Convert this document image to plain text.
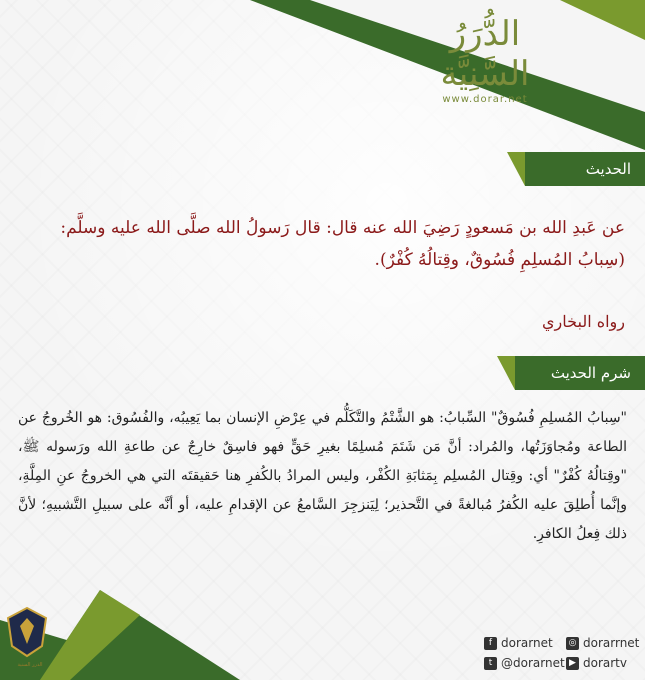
الدُّرَرُ السَّنِيَّة
www.dorar.net
الحديث
عن عَبدِ الله بن مَسعودٍ رَضِيَ الله عنه قال: قال رَسولُ الله صلَّى الله عليه وسلَّم: (سِبابُ المُسلِمِ فُسُوقٌ، وقِتالُهُ كُفْرٌ).
رواه البخاري
شرم الحديث
"سِبابُ المُسلِمِ فُسُوقٌ" السِّبابُ: هو الشَّتْمُ والتَّكَلُّم في عِرْضِ الإنسان بما يَعِيبُه، والفُسُوق: هو الخُروجُ عن الطاعة ومُجاوَزَتُها، والمُراد: أنَّ مَن شَتَمَ مُسلِمًا بغيرِ حَقٍّ فهو فاسِقٌ خارِجٌ عن طاعةِ الله ورَسوله ﷺ، "وقِتالُهُ كُفْرٌ" أي: وقِتال المُسلِم بِمَثابَةِ الكُفْر، وليس المرادُ بالكُفرِ هنا حَقيقتَه التي هي الخروجُ عنِ المِلَّةِ، وإنَّما أُطلِقَ عليه الكُفرُ مُبالغةً في التَّحذير؛ لِيَنزجِرَ السَّامعُ عن الإقدامِ عليه، أو أنَّه على سبيلِ التَّشبيهِ؛ لأنَّ ذلك فِعلُ الكافرِ.
f dorarnet ◎ dorarrnet
t @dorarnet ▶ dorartv
الدرر السنية
